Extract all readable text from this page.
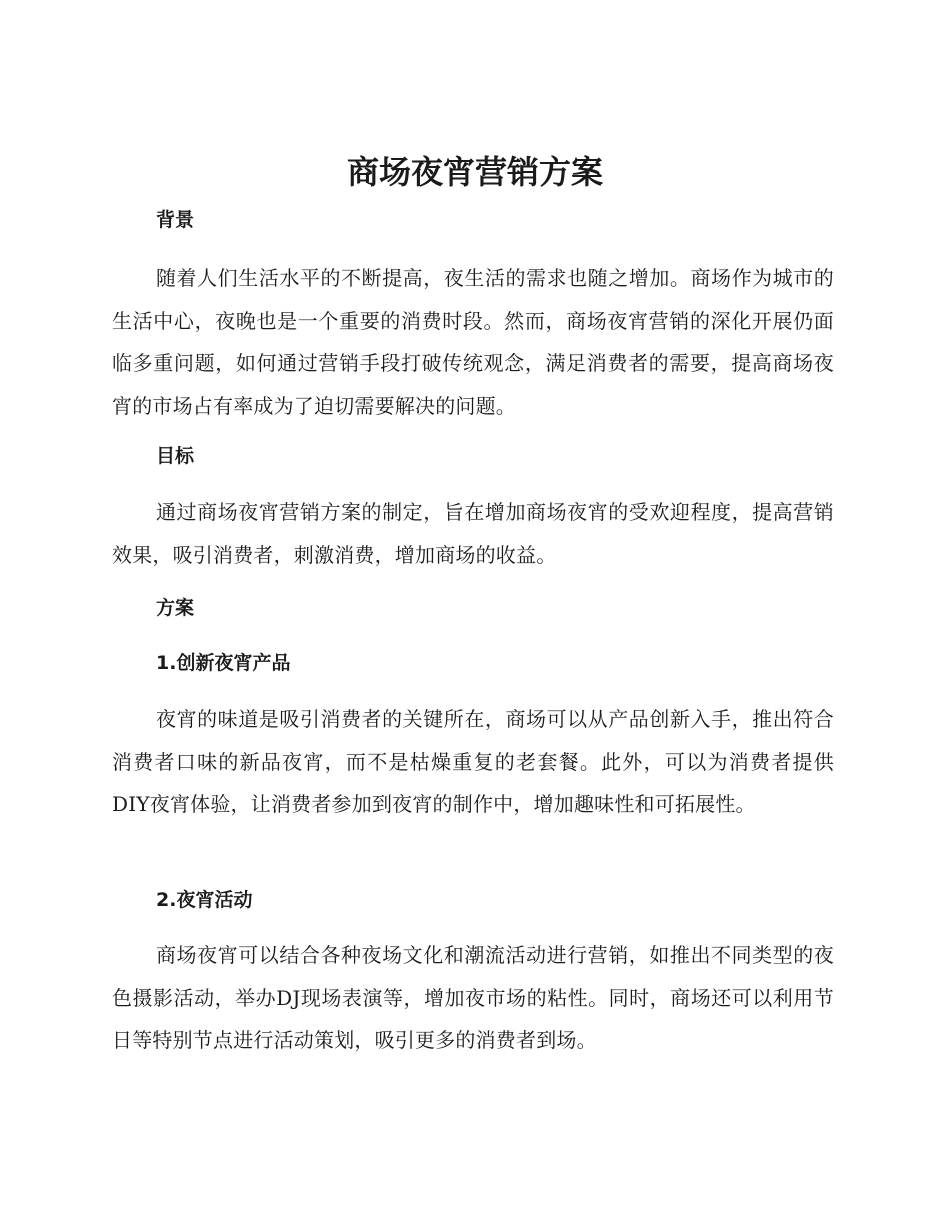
商场夜宵营销方案
背景

随着人们生活水平的不断提高，夜生活的需求也随之增加。商场作为城市的生活中心，夜晚也是一个重要的消费时段。然而，商场夜宵营销的深化开展仍面临多重问题，如何通过营销手段打破传统观念，满足消费者的需要，提高商场夜宵的市场占有率成为了迫切需要解决的问题。

目标

通过商场夜宵营销方案的制定，旨在增加商场夜宵的受欢迎程度，提高营销效果，吸引消费者，刺激消费，增加商场的收益。

方案
1.创新夜宵产品

夜宵的味道是吸引消费者的关键所在，商场可以从产品创新入手，推出符合消费者口味的新品夜宵，而不是枯燥重复的老套餐。此外，可以为消费者提供DIY夜宵体验，让消费者参加到夜宵的制作中，增加趣味性和可拓展性。

2.夜宵活动

商场夜宵可以结合各种夜场文化和潮流活动进行营销，如推出不同类型的夜色摄影活动，举办DJ现场表演等，增加夜市场的粘性。同时，商场还可以利用节日等特别节点进行活动策划，吸引更多的消费者到场。
